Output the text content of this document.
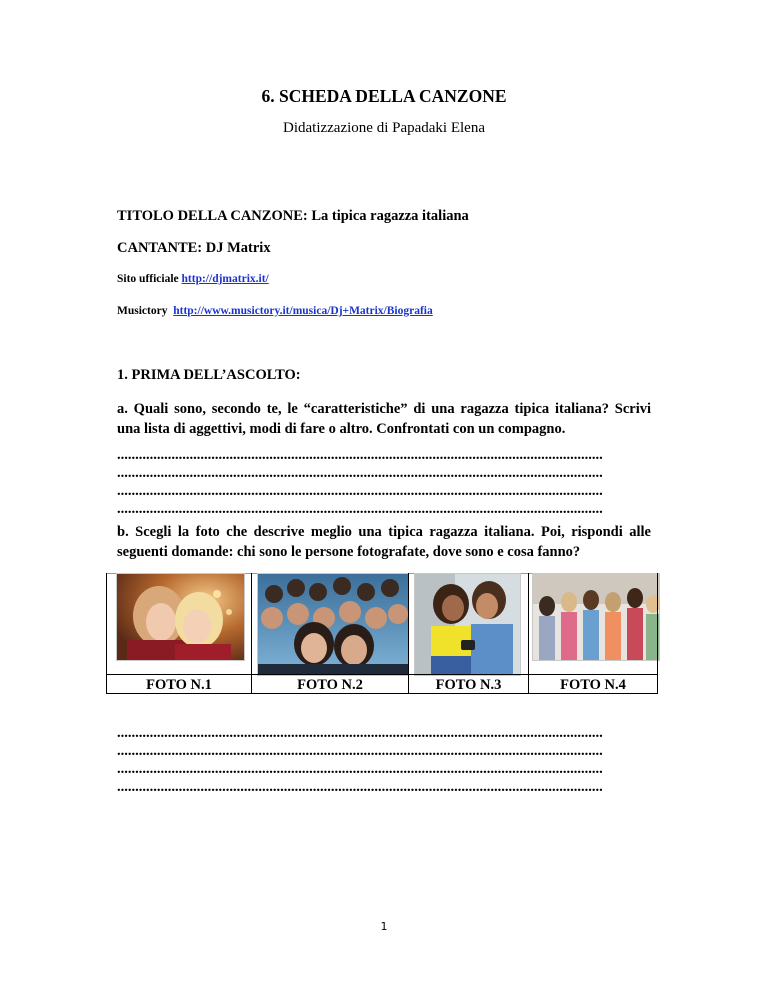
6. SCHEDA DELLA CANZONE
Didatizzazione di Papadaki Elena
TITOLO DELLA CANZONE: La tipica ragazza italiana
CANTANTE: DJ Matrix
Sito ufficiale http://djmatrix.it/
Musictory http://www.musictory.it/musica/Dj+Matrix/Biografia
1. PRIMA DELL’ASCOLTO:
a. Quali sono, secondo te, le “caratteristiche” di una ragazza tipica italiana? Scrivi una lista di aggettivi, modi di fare o altro. Confrontati con un compagno.
......................................................................................................................................
......................................................................................................................................
......................................................................................................................................
......................................................................................................................................
b. Scegli la foto che descrive meglio una tipica ragazza italiana. Poi, rispondi alle seguenti domande: chi sono le persone fotografate, dove sono e cosa fanno?
FOTO N.1	FOTO N.2	FOTO N.3	FOTO N.4
......................................................................................................................................
......................................................................................................................................
......................................................................................................................................
......................................................................................................................................
1
